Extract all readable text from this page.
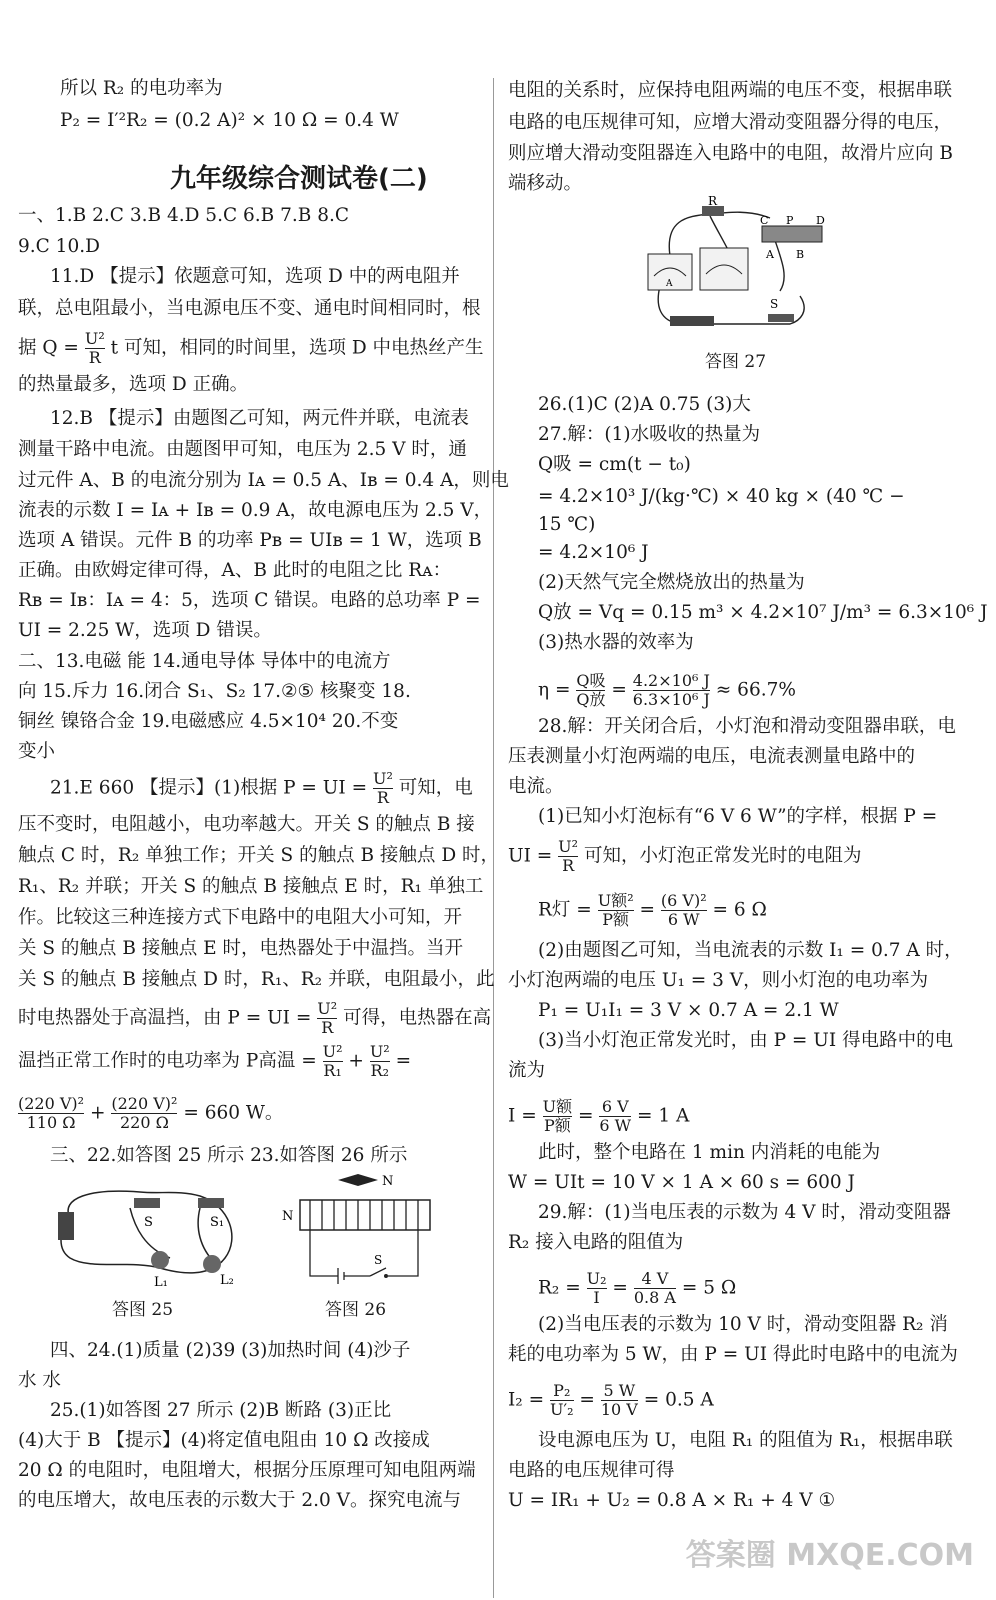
所以 R₂ 的电功率为
P₂ = I′²R₂ = (0.2 A)² × 10 Ω = 0.4 W
九年级综合测试卷(二)
一、1.B 2.C 3.B 4.D 5.C 6.B 7.B 8.C
9.C 10.D
11.D 【提示】依题意可知，选项 D 中的两电阻并
联，总电阻最小，当电源电压不变、通电时间相同时，根
据 $Q = \frac{\text{U²}}{R}$ t 可知，相同的时间里，选项 D 中电热丝产生
的热量最多，选项 D 正确。
12.B 【提示】由题图乙可知，两元件并联，电流表
测量干路中电流。由题图甲可知，电压为 2.5 V 时，通
过元件 A、B 的电流分别为 Iᴀ = 0.5 A、Iʙ = 0.4 A，则电
流表的示数 I = Iᴀ + Iʙ = 0.9 A，故电源电压为 2.5 V，
选项 A 错误。元件 B 的功率 Pʙ = UIʙ = 1 W，选项 B
正确。由欧姆定律可得，A、B 此时的电阻之比 Rᴀ：
Rʙ = Iʙ：Iᴀ = 4：5，选项 C 错误。电路的总功率 P =
UI = 2.25 W，选项 D 错误。
二、13.电磁 能 14.通电导体 导体中的电流方
向 15.斥力 16.闭合 S₁、S₂ 17.②⑤ 核聚变 18.
铜丝 镍铬合金 19.电磁感应 4.5×10⁴ 20.不变
变小
21.E 660 【提示】(1)根据 P = UI = $\frac{\text{U²}}{R}$ 可知，电
压不变时，电阻越小，电功率越大。开关 S 的触点 B 接
触点 C 时，R₂ 单独工作；开关 S 的触点 B 接触点 D 时，
R₁、R₂ 并联；开关 S 的触点 B 接触点 E 时，R₁ 单独工
作。比较这三种连接方式下电路中的电阻大小可知，开
关 S 的触点 B 接触点 E 时，电热器处于中温挡。当开
关 S 的触点 B 接触点 D 时，R₁、R₂ 并联，电阻最小，此
时电热器处于高温挡，由 P = UI = $\frac{\text{U²}}{R}$ 可得，电热器在高
温挡正常工作时的电功率为 P高温 = $\frac{\text{U²}}{\text{R₁}} + \frac{\text{U²}}{\text{R₂}}$ =
$\frac{\text{(220 V)²}}{110 \Omega} + \frac{\text{(220 V)²}}{220 \Omega} = 660$ W。
三、22.如答图 25 所示 23.如答图 26 所示
S	S₁
L₁	L₂
答图 25
N
N
S
答图 26
四、24.(1)质量 (2)39 (3)加热时间 (4)沙子
水 水
25.(1)如答图 27 所示 (2)B 断路 (3)正比
(4)大于 B 【提示】(4)将定值电阻由 10 Ω 改接成
20 Ω 的电阻时，电阻增大，根据分压原理可知电阻两端
的电压增大，故电压表的示数大于 2.0 V。探究电流与
电阻的关系时，应保持电阻两端的电压不变，根据串联
电路的电压规律可知，应增大滑动变阻器分得的电压，
则应增大滑动变阻器连入电路中的电阻，故滑片应向 B
端移动。
R
A
C P D
A B
S
答图 27
26.(1)C (2)A 0.75 (3)大
27.解：(1)水吸收的热量为
Q吸 = cm(t − t₀)
= 4.2×10³ J/(kg·℃) × 40 kg × (40 ℃ −
15 ℃)
= 4.2×10⁶ J
(2)天然气完全燃烧放出的热量为
Q放 = Vq = 0.15 m³ × 4.2×10⁷ J/m³ = 6.3×10⁶ J
(3)热水器的效率为
$\eta = \frac{\text{Q吸}}{\text{Q放}} = \frac{\text{4.2×10⁶ J}}{\text{6.3×10⁶ J}} \approx 66.7\%$
28.解：开关闭合后，小灯泡和滑动变阻器串联，电
压表测量小灯泡两端的电压，电流表测量电路中的
电流。
(1)已知小灯泡标有“6 V 6 W”的字样，根据 P =
UI = $\frac{\text{U²}}{R}$ 可知，小灯泡正常发光时的电阻为
R灯 = $\frac{\text{U额²}}{\text{P额}} = \frac{\text{(6 V)²}}{6 W} = 6$ Ω
(2)由题图乙可知，当电流表的示数 I₁ = 0.7 A 时，
小灯泡两端的电压 U₁ = 3 V，则小灯泡的电功率为
P₁ = U₁I₁ = 3 V × 0.7 A = 2.1 W
(3)当小灯泡正常发光时，由 P = UI 得电路中的电
流为
$I = \frac{\text{U额}}{\text{P额}} = \frac{6 V}{6 W} = 1$ A
此时，整个电路在 1 min 内消耗的电能为
W = UIt = 10 V × 1 A × 60 s = 600 J
29.解：(1)当电压表的示数为 4 V 时，滑动变阻器
R₂ 接入电路的阻值为
$R_2 = \frac{\text{U₂}}{I} = \frac{4 V}{0.8 A} = 5$ Ω
(2)当电压表的示数为 10 V 时，滑动变阻器 R₂ 消
耗的电功率为 5 W，由 P = UI 得此时电路中的电流为
$I_2 = \frac{\text{P₂}}{\text{U′₂}} = \frac{5 W}{10 V} = 0.5$ A
设电源电压为 U，电阻 R₁ 的阻值为 R₁，根据串联
电路的电压规律可得
U = IR₁ + U₂ = 0.8 A × R₁ + 4 V ①
答案圈 MXQE.COM
